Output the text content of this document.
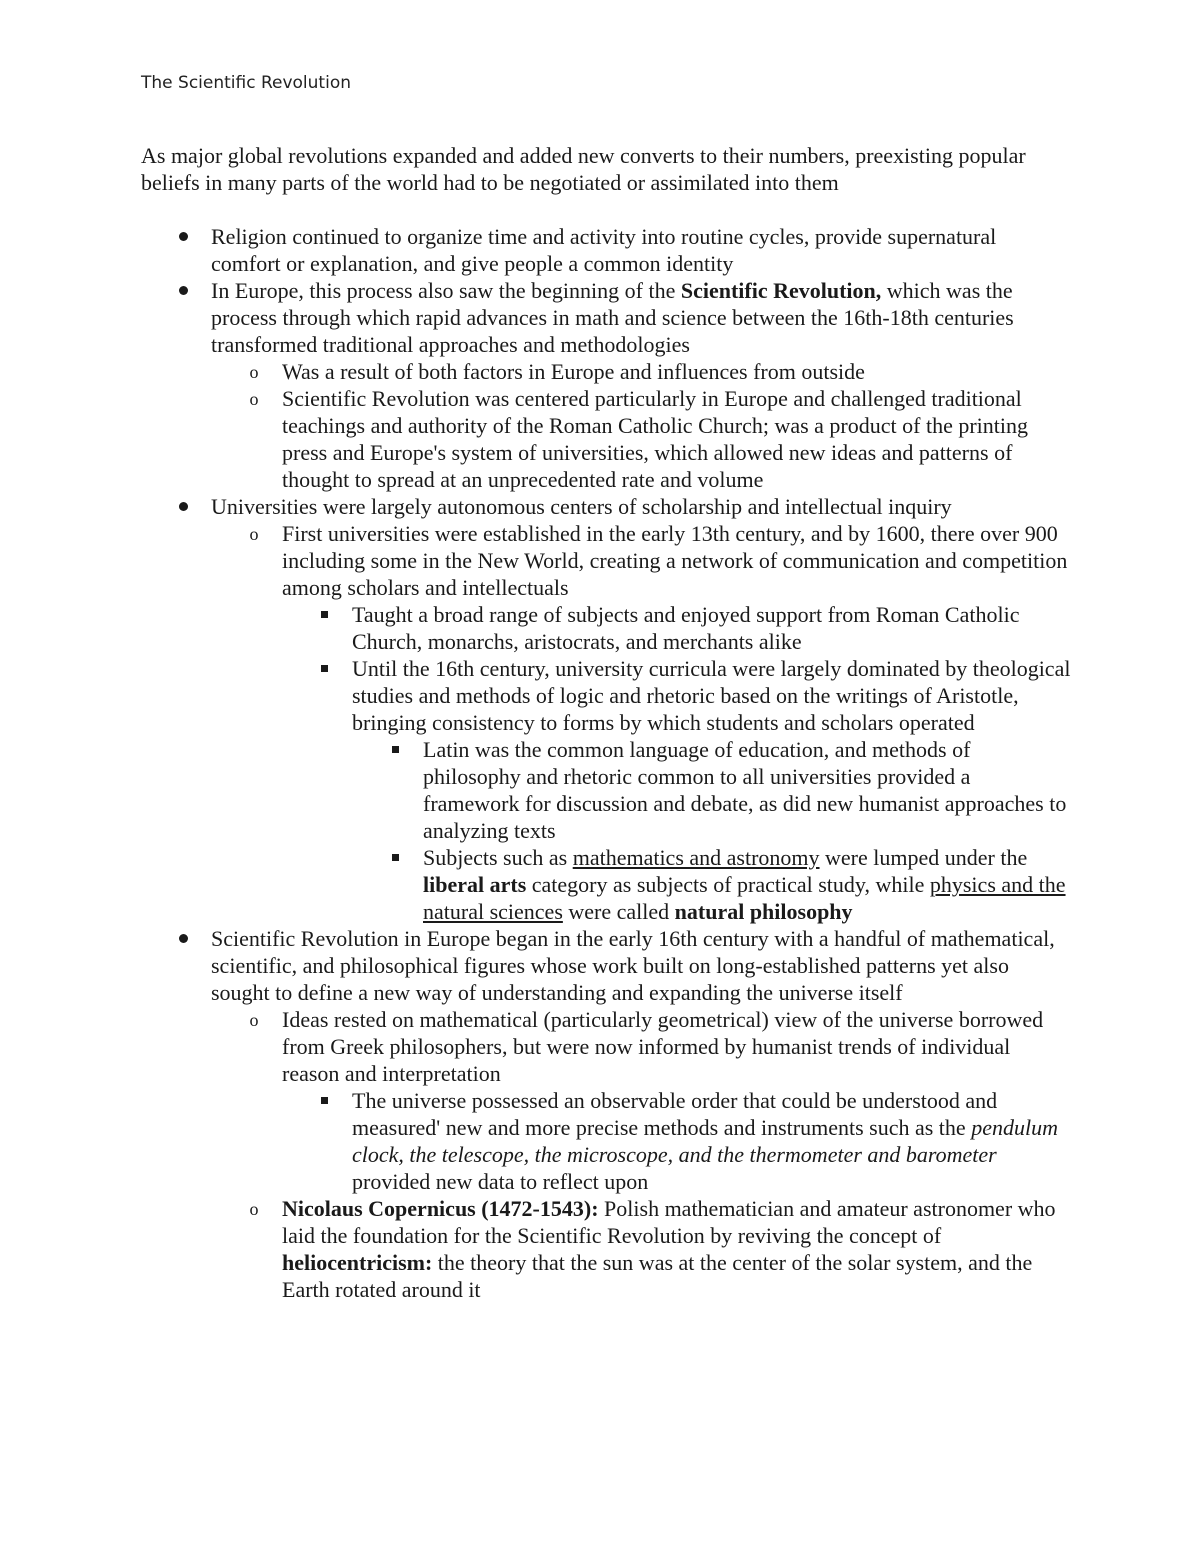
The Scientific Revolution

As major global revolutions expanded and added new converts to their numbers, preexisting popular beliefs in many parts of the world had to be negotiated or assimilated into them

Religion continued to organize time and activity into routine cycles, provide supernatural comfort or explanation, and give people a common identity
In Europe, this process also saw the beginning of the Scientific Revolution, which was the process through which rapid advances in math and science between the 16th-18th centuries transformed traditional approaches and methodologies
o Was a result of both factors in Europe and influences from outside
o Scientific Revolution was centered particularly in Europe and challenged traditional teachings and authority of the Roman Catholic Church; was a product of the printing press and Europe's system of universities, which allowed new ideas and patterns of thought to spread at an unprecedented rate and volume
Universities were largely autonomous centers of scholarship and intellectual inquiry
o First universities were established in the early 13th century, and by 1600, there over 900 including some in the New World, creating a network of communication and competition among scholars and intellectuals
Taught a broad range of subjects and enjoyed support from Roman Catholic Church, monarchs, aristocrats, and merchants alike
Until the 16th century, university curricula were largely dominated by theological studies and methods of logic and rhetoric based on the writings of Aristotle, bringing consistency to forms by which students and scholars operated
Latin was the common language of education, and methods of philosophy and rhetoric common to all universities provided a framework for discussion and debate, as did new humanist approaches to analyzing texts
Subjects such as mathematics and astronomy were lumped under the liberal arts category as subjects of practical study, while physics and the natural sciences were called natural philosophy
Scientific Revolution in Europe began in the early 16th century with a handful of mathematical, scientific, and philosophical figures whose work built on long-established patterns yet also sought to define a new way of understanding and expanding the universe itself
o Ideas rested on mathematical (particularly geometrical) view of the universe borrowed from Greek philosophers, but were now informed by humanist trends of individual reason and interpretation
The universe possessed an observable order that could be understood and measured' new and more precise methods and instruments such as the pendulum clock, the telescope, the microscope, and the thermometer and barometer provided new data to reflect upon
o Nicolaus Copernicus (1472-1543): Polish mathematician and amateur astronomer who laid the foundation for the Scientific Revolution by reviving the concept of heliocentricism: the theory that the sun was at the center of the solar system, and the Earth rotated around it
